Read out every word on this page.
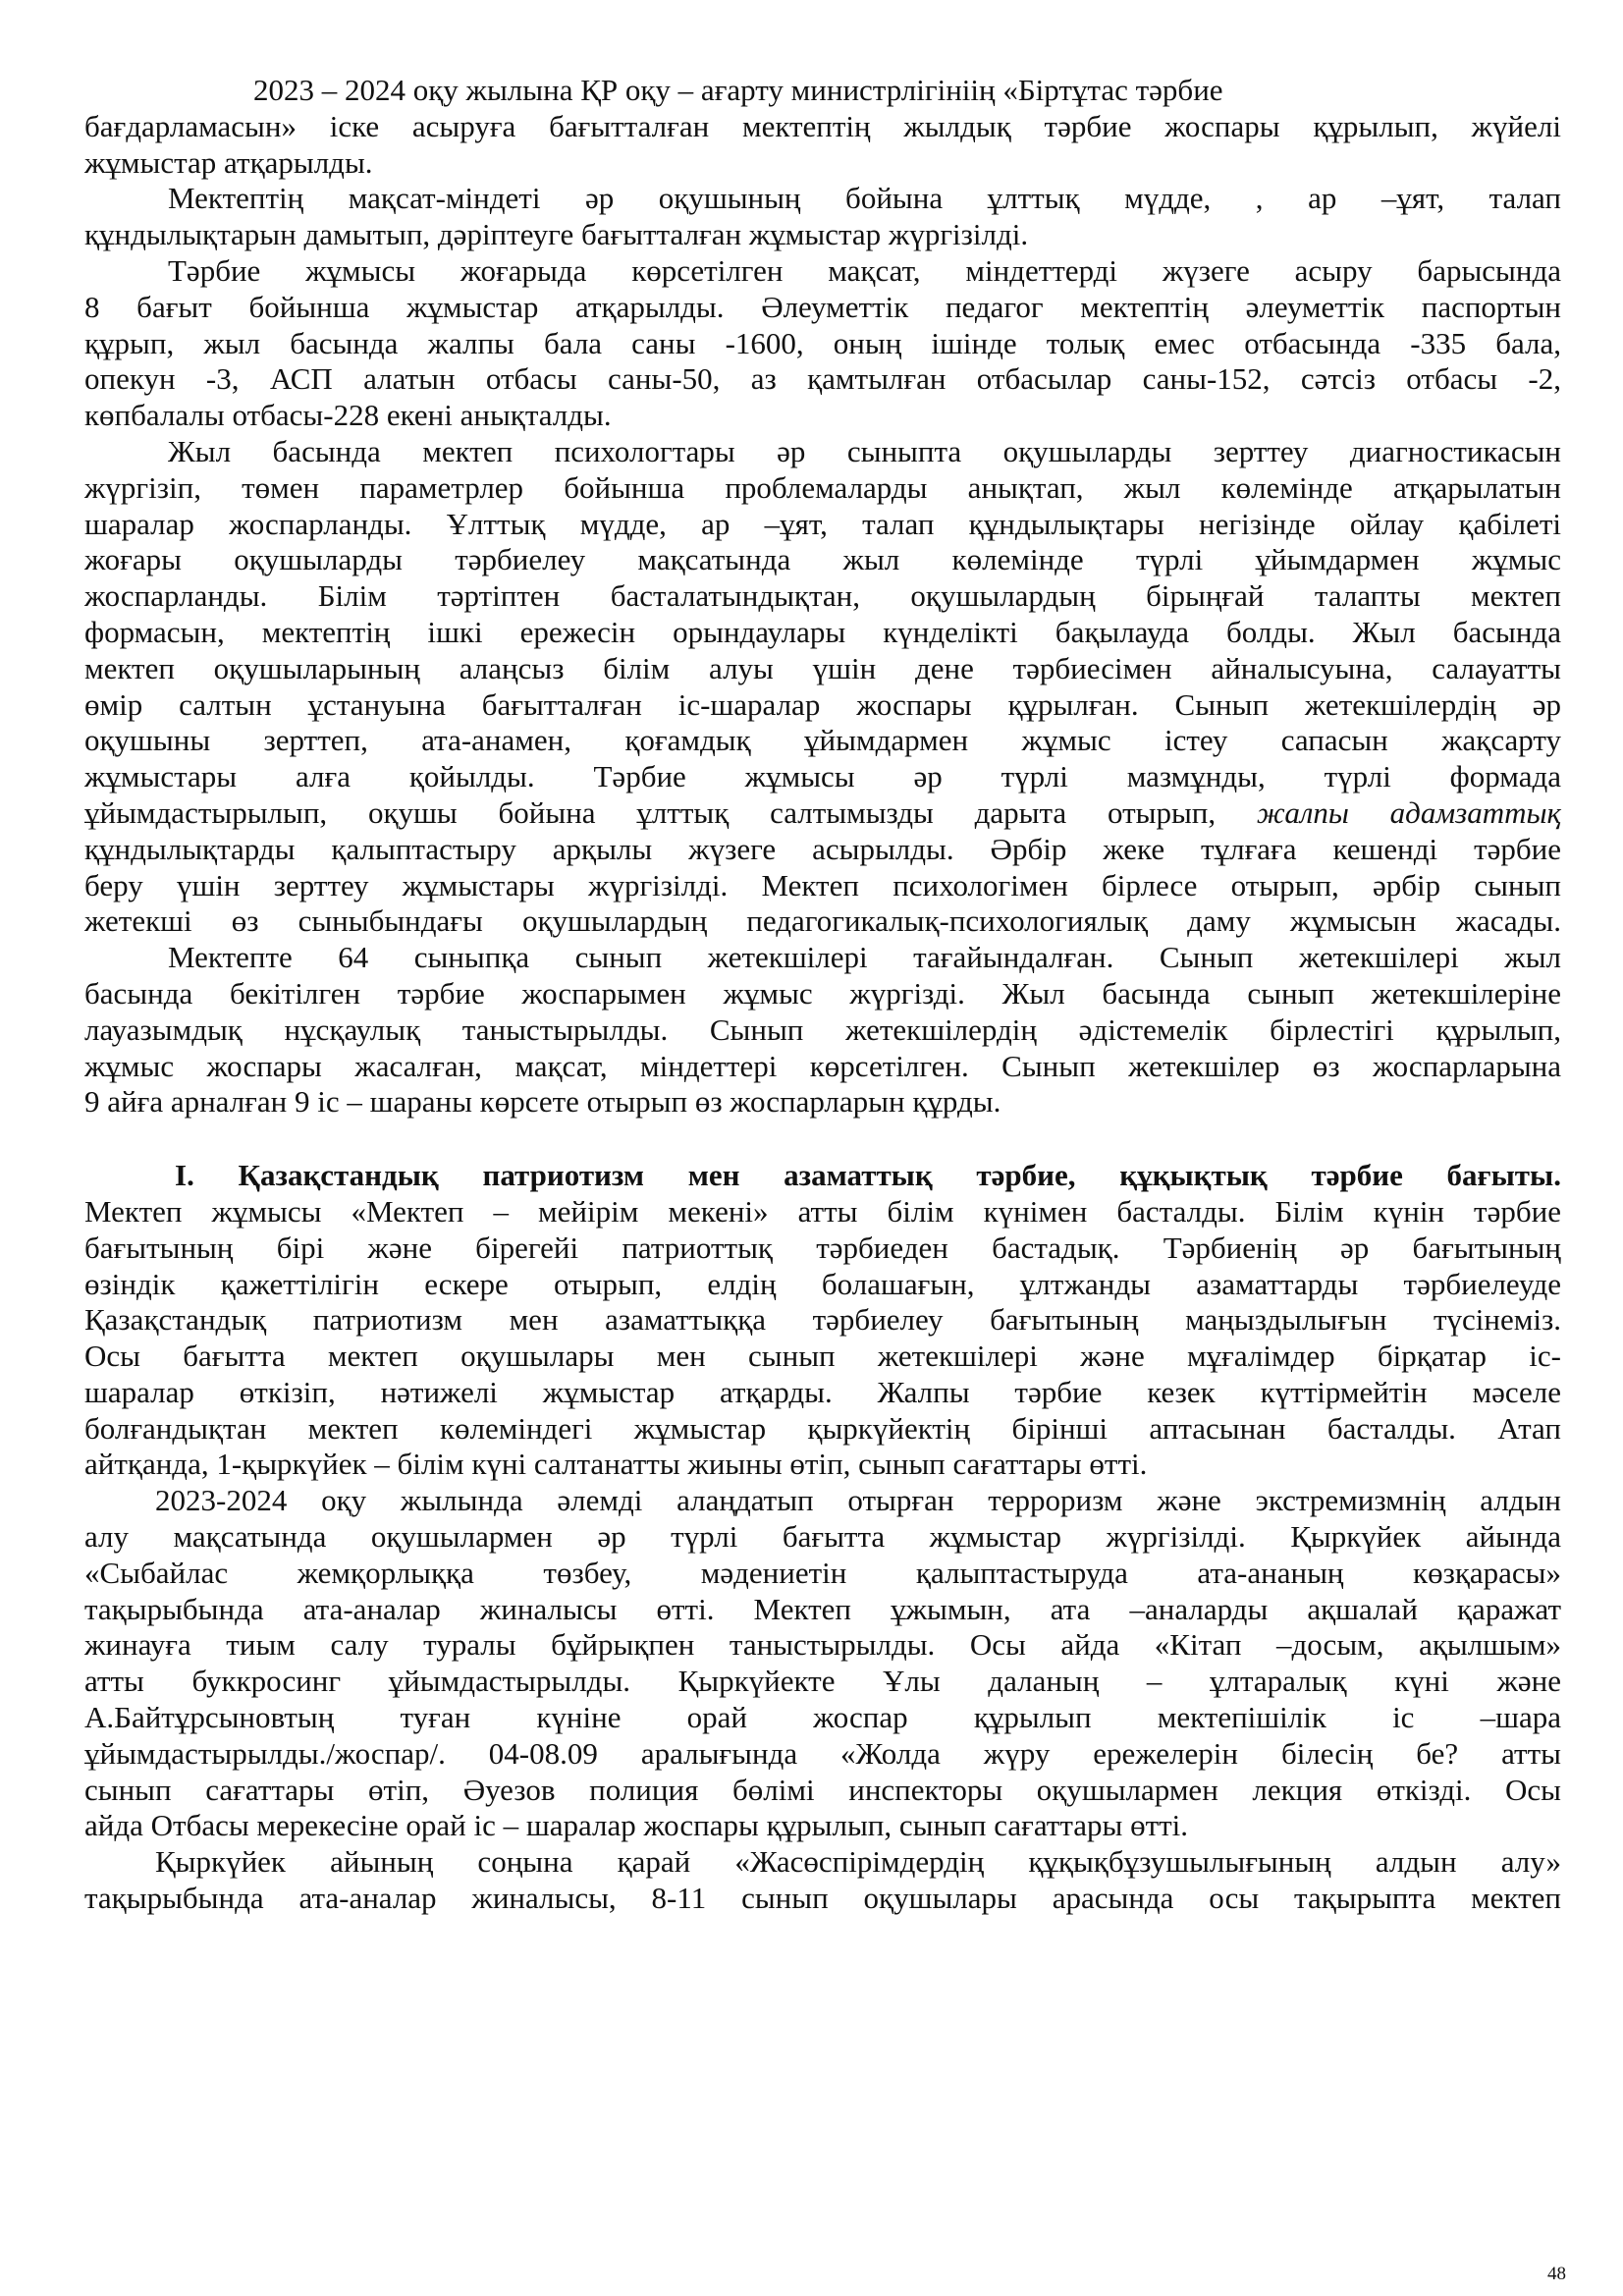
2023 – 2024 оқу жылына ҚР оқу – ағарту министрлігініің «Біртұтас тәрбие
бағдарламасын» іске асыруға бағытталған мектептің жылдық тәрбие жоспары құрылып, жүйелі
жұмыстар атқарылды.
Мектептің мақсат-міндеті әр оқушының бойына ұлттық мүдде, , ар –ұят, талап
құндылықтарын дамытып, дәріптеуге бағытталған жұмыстар жүргізілді.
Тәрбие жұмысы жоғарыда көрсетілген мақсат, міндеттерді жүзеге асыру барысында
8 бағыт бойынша жұмыстар атқарылды. Әлеуметтік педагог мектептің әлеуметтік паспортын
құрып, жыл басында жалпы бала саны -1600, оның ішінде толық емес отбасында -335 бала,
опекун -3, АСП алатын отбасы саны-50, аз қамтылған отбасылар саны-152, сәтсіз отбасы -2,
көпбалалы отбасы-228 екені анықталды.
Жыл басында мектеп психологтары әр сыныпта оқушыларды зерттеу диагностикасын
жүргізіп, төмен параметрлер бойынша проблемаларды анықтап, жыл көлемінде атқарылатын
шаралар жоспарланды. Ұлттық мүдде, ар –ұят, талап құндылықтары негізінде ойлау қабілеті
жоғары оқушыларды тәрбиелеу мақсатында жыл көлемінде түрлі ұйымдармен жұмыс
жоспарланды. Білім тәртіптен басталатындықтан, оқушылардың бірыңғай талапты мектеп
формасын, мектептің ішкі ережесін орындаулары күнделікті бақылауда болды. Жыл басында
мектеп оқушыларының алаңсыз білім алуы үшін дене тәрбиесімен айналысуына, салауатты
өмір салтын ұстануына бағытталған іс-шаралар жоспары құрылған. Сынып жетекшілердің әр
оқушыны зерттеп, ата-анамен, қоғамдық ұйымдармен жұмыс істеу сапасын жақсарту
жұмыстары алға қойылды. Тәрбие жұмысы әр түрлі мазмұнды, түрлі формада
ұйымдастырылып, оқушы бойына ұлттық салтымызды дарыта отырып, жалпы адамзаттық
құндылықтарды қалыптастыру арқылы жүзеге асырылды. Әрбір жеке тұлғаға кешенді тәрбие
беру үшін зерттеу жұмыстары жүргізілді. Мектеп психологімен бірлесе отырып, әрбір сынып
жетекші өз сыныбындағы оқушылардың педагогикалық-психологиялық даму жұмысын жасады.
Мектепте 64 сыныпқа сынып жетекшілері тағайындалған. Сынып жетекшілері жыл
басында бекітілген тәрбие жоспарымен жұмыс жүргізді. Жыл басында сынып жетекшілеріне
лауазымдық нұсқаулық таныстырылды. Сынып жетекшілердің әдістемелік бірлестігі құрылып,
жұмыс жоспары жасалған, мақсат, міндеттері көрсетілген. Сынып жетекшілер өз жоспарларына
9 айға арналған 9 іс – шараны көрсете отырып өз жоспарларын құрды.
І. Қазақстандық патриотизм мен азаматтық тәрбие, құқықтық тәрбие бағыты.
Мектеп жұмысы «Мектеп – мейірім мекені» атты білім күнімен басталды. Білім күнін тәрбие
бағытының бірі және бірегейі патриоттық тәрбиеден бастадық. Тәрбиенің әр бағытының
өзіндік қажеттілігін ескере отырып, елдің болашағын, ұлтжанды азаматтарды тәрбиелеуде
Қазақстандық патриотизм мен азаматтыққа тәрбиелеу бағытының маңыздылығын түсінеміз.
Осы бағытта мектеп оқушылары мен сынып жетекшілері және мұғалімдер бірқатар іс-
шаралар өткізіп, нәтижелі жұмыстар атқарды. Жалпы тәрбие кезек күттірмейтін мәселе
болғандықтан мектеп көлеміндегі жұмыстар қыркүйектің бірінші аптасынан басталды. Атап
айтқанда, 1-қыркүйек – білім күні салтанатты жиыны өтіп, сынып сағаттары өтті.
2023-2024 оқу жылында әлемді алаңдатып отырған терроризм және экстремизмнің алдын
алу мақсатында оқушылармен әр түрлі бағытта жұмыстар жүргізілді. Қыркүйек айында
«Сыбайлас жемқорлыққа төзбеу, мәдениетін қалыптастыруда ата-ананың көзқарасы»
тақырыбында ата-аналар жиналысы өтті. Мектеп ұжымын, ата –аналарды ақшалай қаражат
жинауға тиым салу туралы бұйрықпен таныстырылды. Осы айда «Кітап –досым, ақылшым»
атты буккросинг ұйымдастырылды. Қыркүйекте Ұлы даланың – ұлтаралық күні және
А.Байтұрсыновтың туған күніне орай жоспар құрылып мектепішілік іс –шара
ұйымдастырылды./жоспар/. 04-08.09 аралығында «Жолда жүру ережелерін білесің бе? атты
сынып сағаттары өтіп, Әуезов полиция бөлімі инспекторы оқушылармен лекция өткізді. Осы
айда Отбасы мерекесіне орай іс – шаралар жоспары құрылып, сынып сағаттары өтті.
Қыркүйек айының соңына қарай «Жасөспірімдердің құқықбұзушылығының алдын алу»
тақырыбында ата-аналар жиналысы, 8-11 сынып оқушылары арасында осы тақырыпта мектеп
48
